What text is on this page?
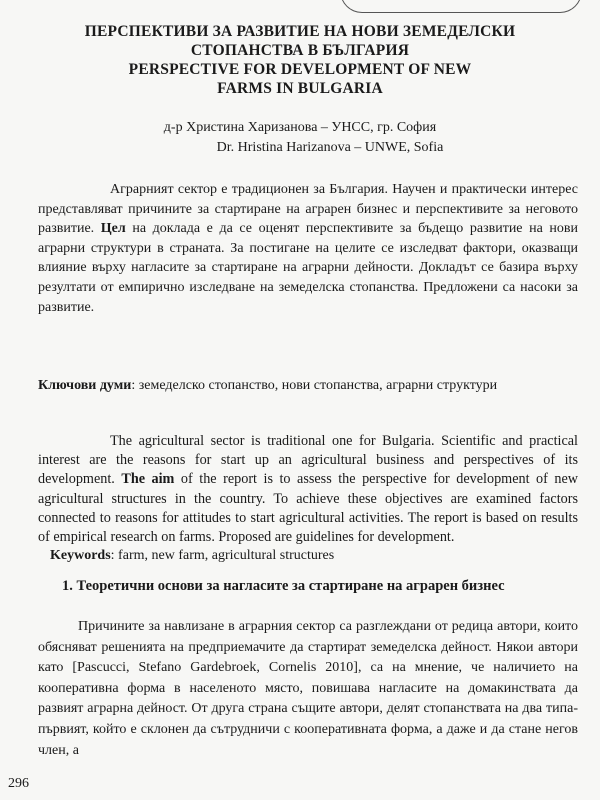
ПЕРСПЕКТИВИ ЗА РАЗВИТИЕ НА НОВИ ЗЕМЕДЕЛСКИ
СТОПАНСТВА В БЪЛГАРИЯ
PERSPECTIVE FOR DEVELOPMENT OF NEW
FARMS IN BULGARIA
д-р Христина Харизанова – УНСС, гр. София
Dr. Hristina Harizanova – UNWE, Sofia

Аграрният сектор е традиционен за България. Научен и практически интерес представляват причините за стартиране на аграрен бизнес и перспективите за неговото развитие. Цел на доклада е да се оценят перспективите за бъдещо развитие на нови аграрни структури в страната. За постигане на целите се изследват фактори, оказващи влияние върху нагласите за стартиране на аграрни дейности. Докладът се базира върху резултати от емпирично изследване на земеделска стопанства. Предложени са насоки за развитие.

Ключови думи: земеделско стопанство, нови стопанства, аграрни структури

The agricultural sector is traditional one for Bulgaria. Scientific and practical interest are the reasons for start up an agricultural business and perspectives of its development. The aim of the report is to assess the perspective for development of new agricultural structures in the country. To achieve these objectives are examined factors connected to reasons for attitudes to start agricultural activities. The report is based on results of empirical research on farms. Proposed are guidelines for development.

Keywords: farm, new farm, agricultural structures

1. Теоретични основи за нагласите за стартиране на аграрен бизнес

Причините за навлизане в аграрния сектор са разглеждани от редица автори, които обясняват решенията на предприемачите да стартират земеделска дейност. Някои автори като [Pascucci, Stefano Gardebroek, Cornelis 2010], са на мнение, че наличието на кооперативна форма в населеното място, повишава нагласите на домакинствата да развият аграрна дейност. От друга страна същите автори, делят стопанствата на два типа- първият, който е склонен да сътрудничи с кооперативната форма, а даже и да стане негов член, а

296
